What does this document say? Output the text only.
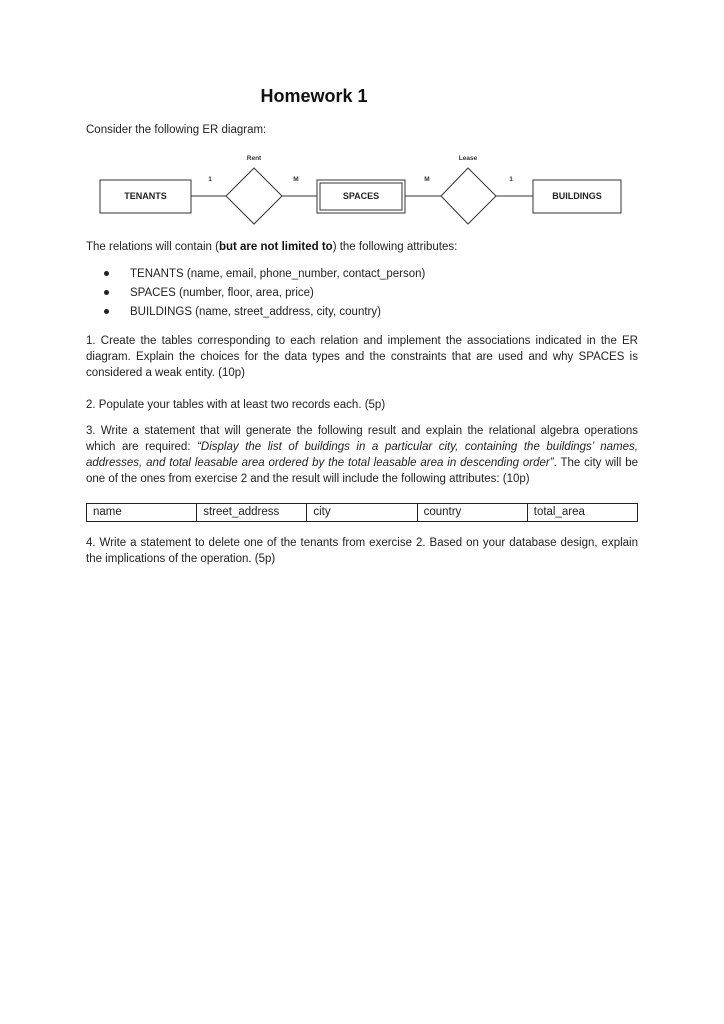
Homework 1
Consider the following ER diagram:
TENANTS	SPACES	BUILDINGS
Rent
1	M
Lease
M	1
The relations will contain (but are not limited to) the following attributes:
TENANTS (name, email, phone_number, contact_person)
SPACES (number, floor, area, price)
BUILDINGS (name, street_address, city, country)
1. Create the tables corresponding to each relation and implement the associations indicated in the ER diagram. Explain the choices for the data types and the constraints that are used and why SPACES is considered a weak entity. (10p)
2. Populate your tables with at least two records each. (5p)
3. Write a statement that will generate the following result and explain the relational algebra operations which are required: “Display the list of buildings in a particular city, containing the buildings’ names, addresses, and total leasable area ordered by the total leasable area in descending order”. The city will be one of the ones from exercise 2 and the result will include the following attributes: (10p)
name	street_address	city	country	total_area
4. Write a statement to delete one of the tenants from exercise 2. Based on your database design, explain the implications of the operation. (5p)
